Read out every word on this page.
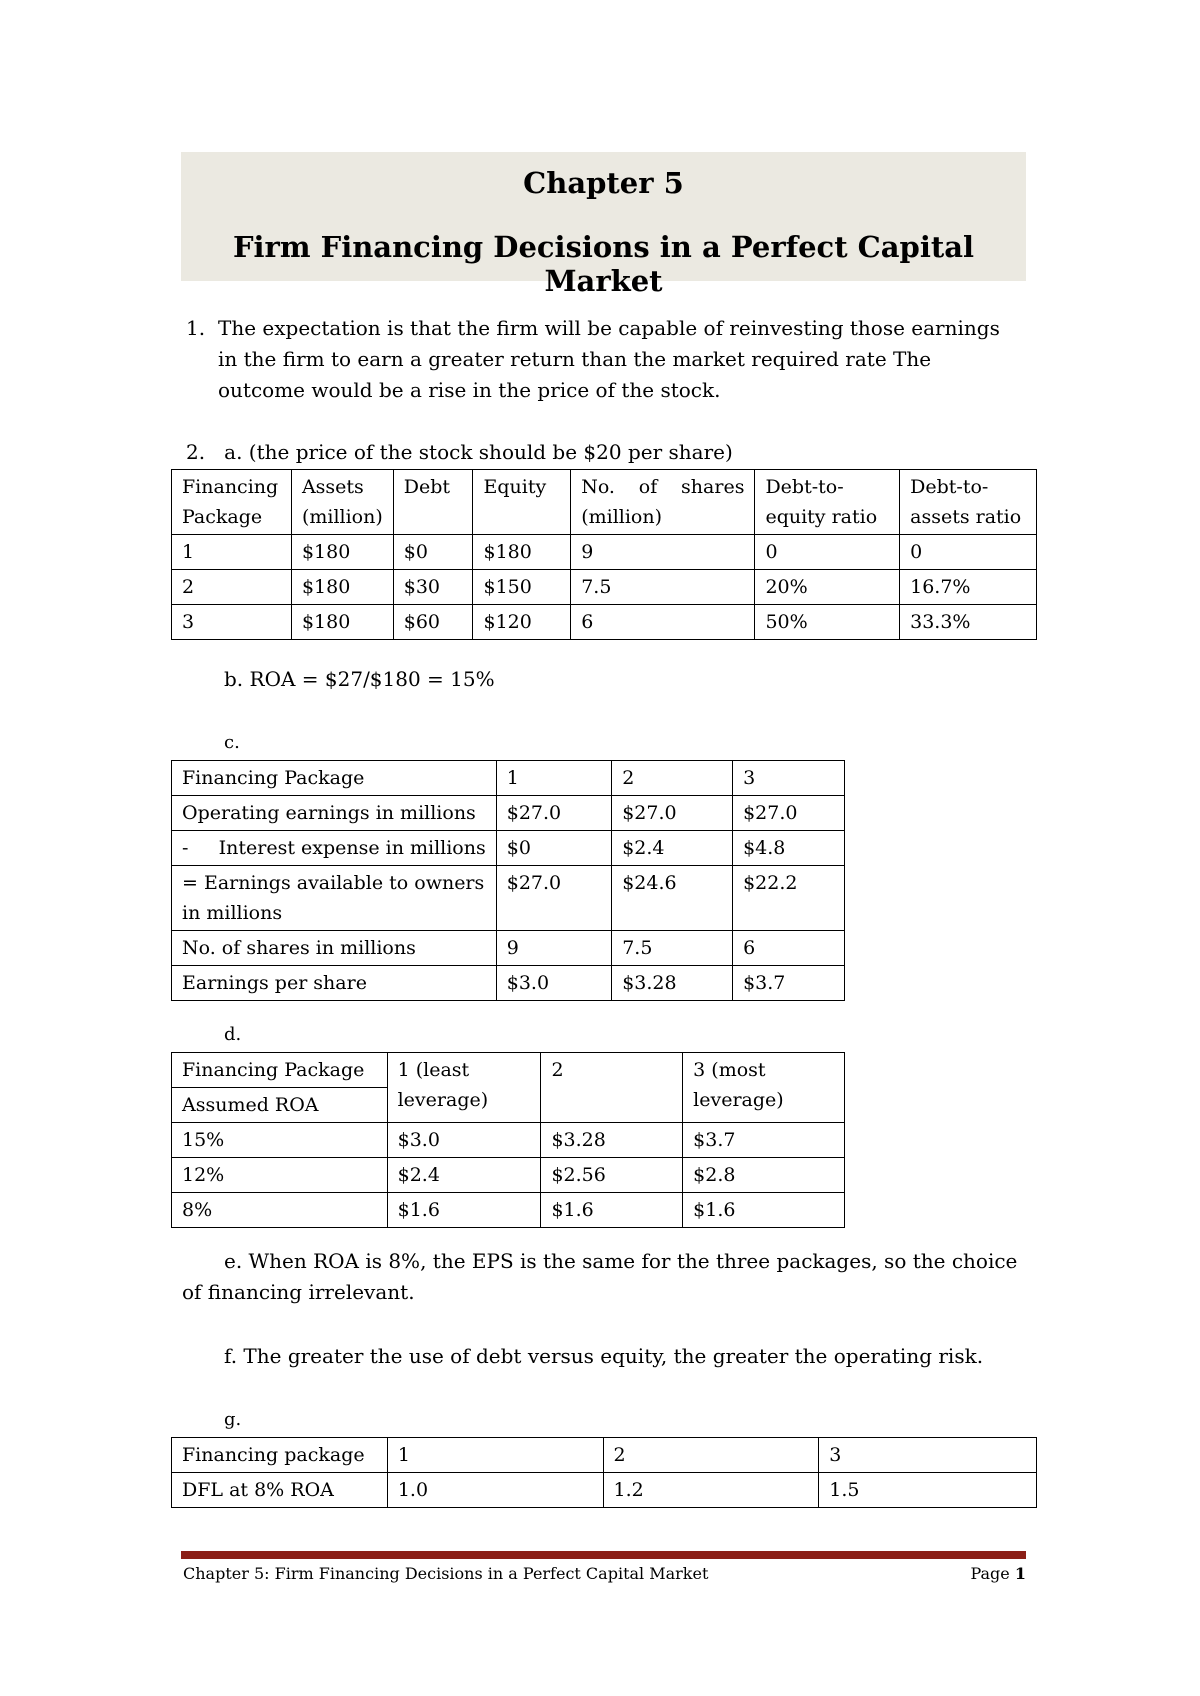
Chapter 5
Firm Financing Decisions in a Perfect Capital Market
1. The expectation is that the firm will be capable of reinvesting those earnings in the firm to earn a greater return than the market required rate The outcome would be a rise in the price of the stock.
2.   a. (the price of the stock should be $20 per share)
Financing Package	Assets (million)	Debt	Equity	No.   of   shares (million)	Debt-to-equity ratio	Debt-to-assets ratio
1	$180	$0	$180	9	0	0
2	$180	$30	$150	7.5	20%	16.7%
3	$180	$60	$120	6	50%	33.3%
b. ROA = $27/$180 = 15%
c.
Financing Package	1	2	3
Operating earnings in millions	$27.0	$27.0	$27.0
-     Interest expense in millions	$0	$2.4	$4.8
= Earnings available to owners in millions	$27.0	$24.6	$22.2
No. of shares in millions	9	7.5	6
Earnings per share	$3.0	$3.28	$3.7
d.
Financing Package
Assumed ROA	1 (least leverage)	2	3 (most leverage)
15%	$3.0	$3.28	$3.7
12%	$2.4	$2.56	$2.8
8%	$1.6	$1.6	$1.6
e. When ROA is 8%, the EPS is the same for the three packages, so the choice of financing irrelevant.
f. The greater the use of debt versus equity, the greater the operating risk.
g.
Financing package	1	2	3
DFL at 8% ROA	1.0	1.2	1.5
Chapter 5: Firm Financing Decisions in a Perfect Capital Market	Page 1
